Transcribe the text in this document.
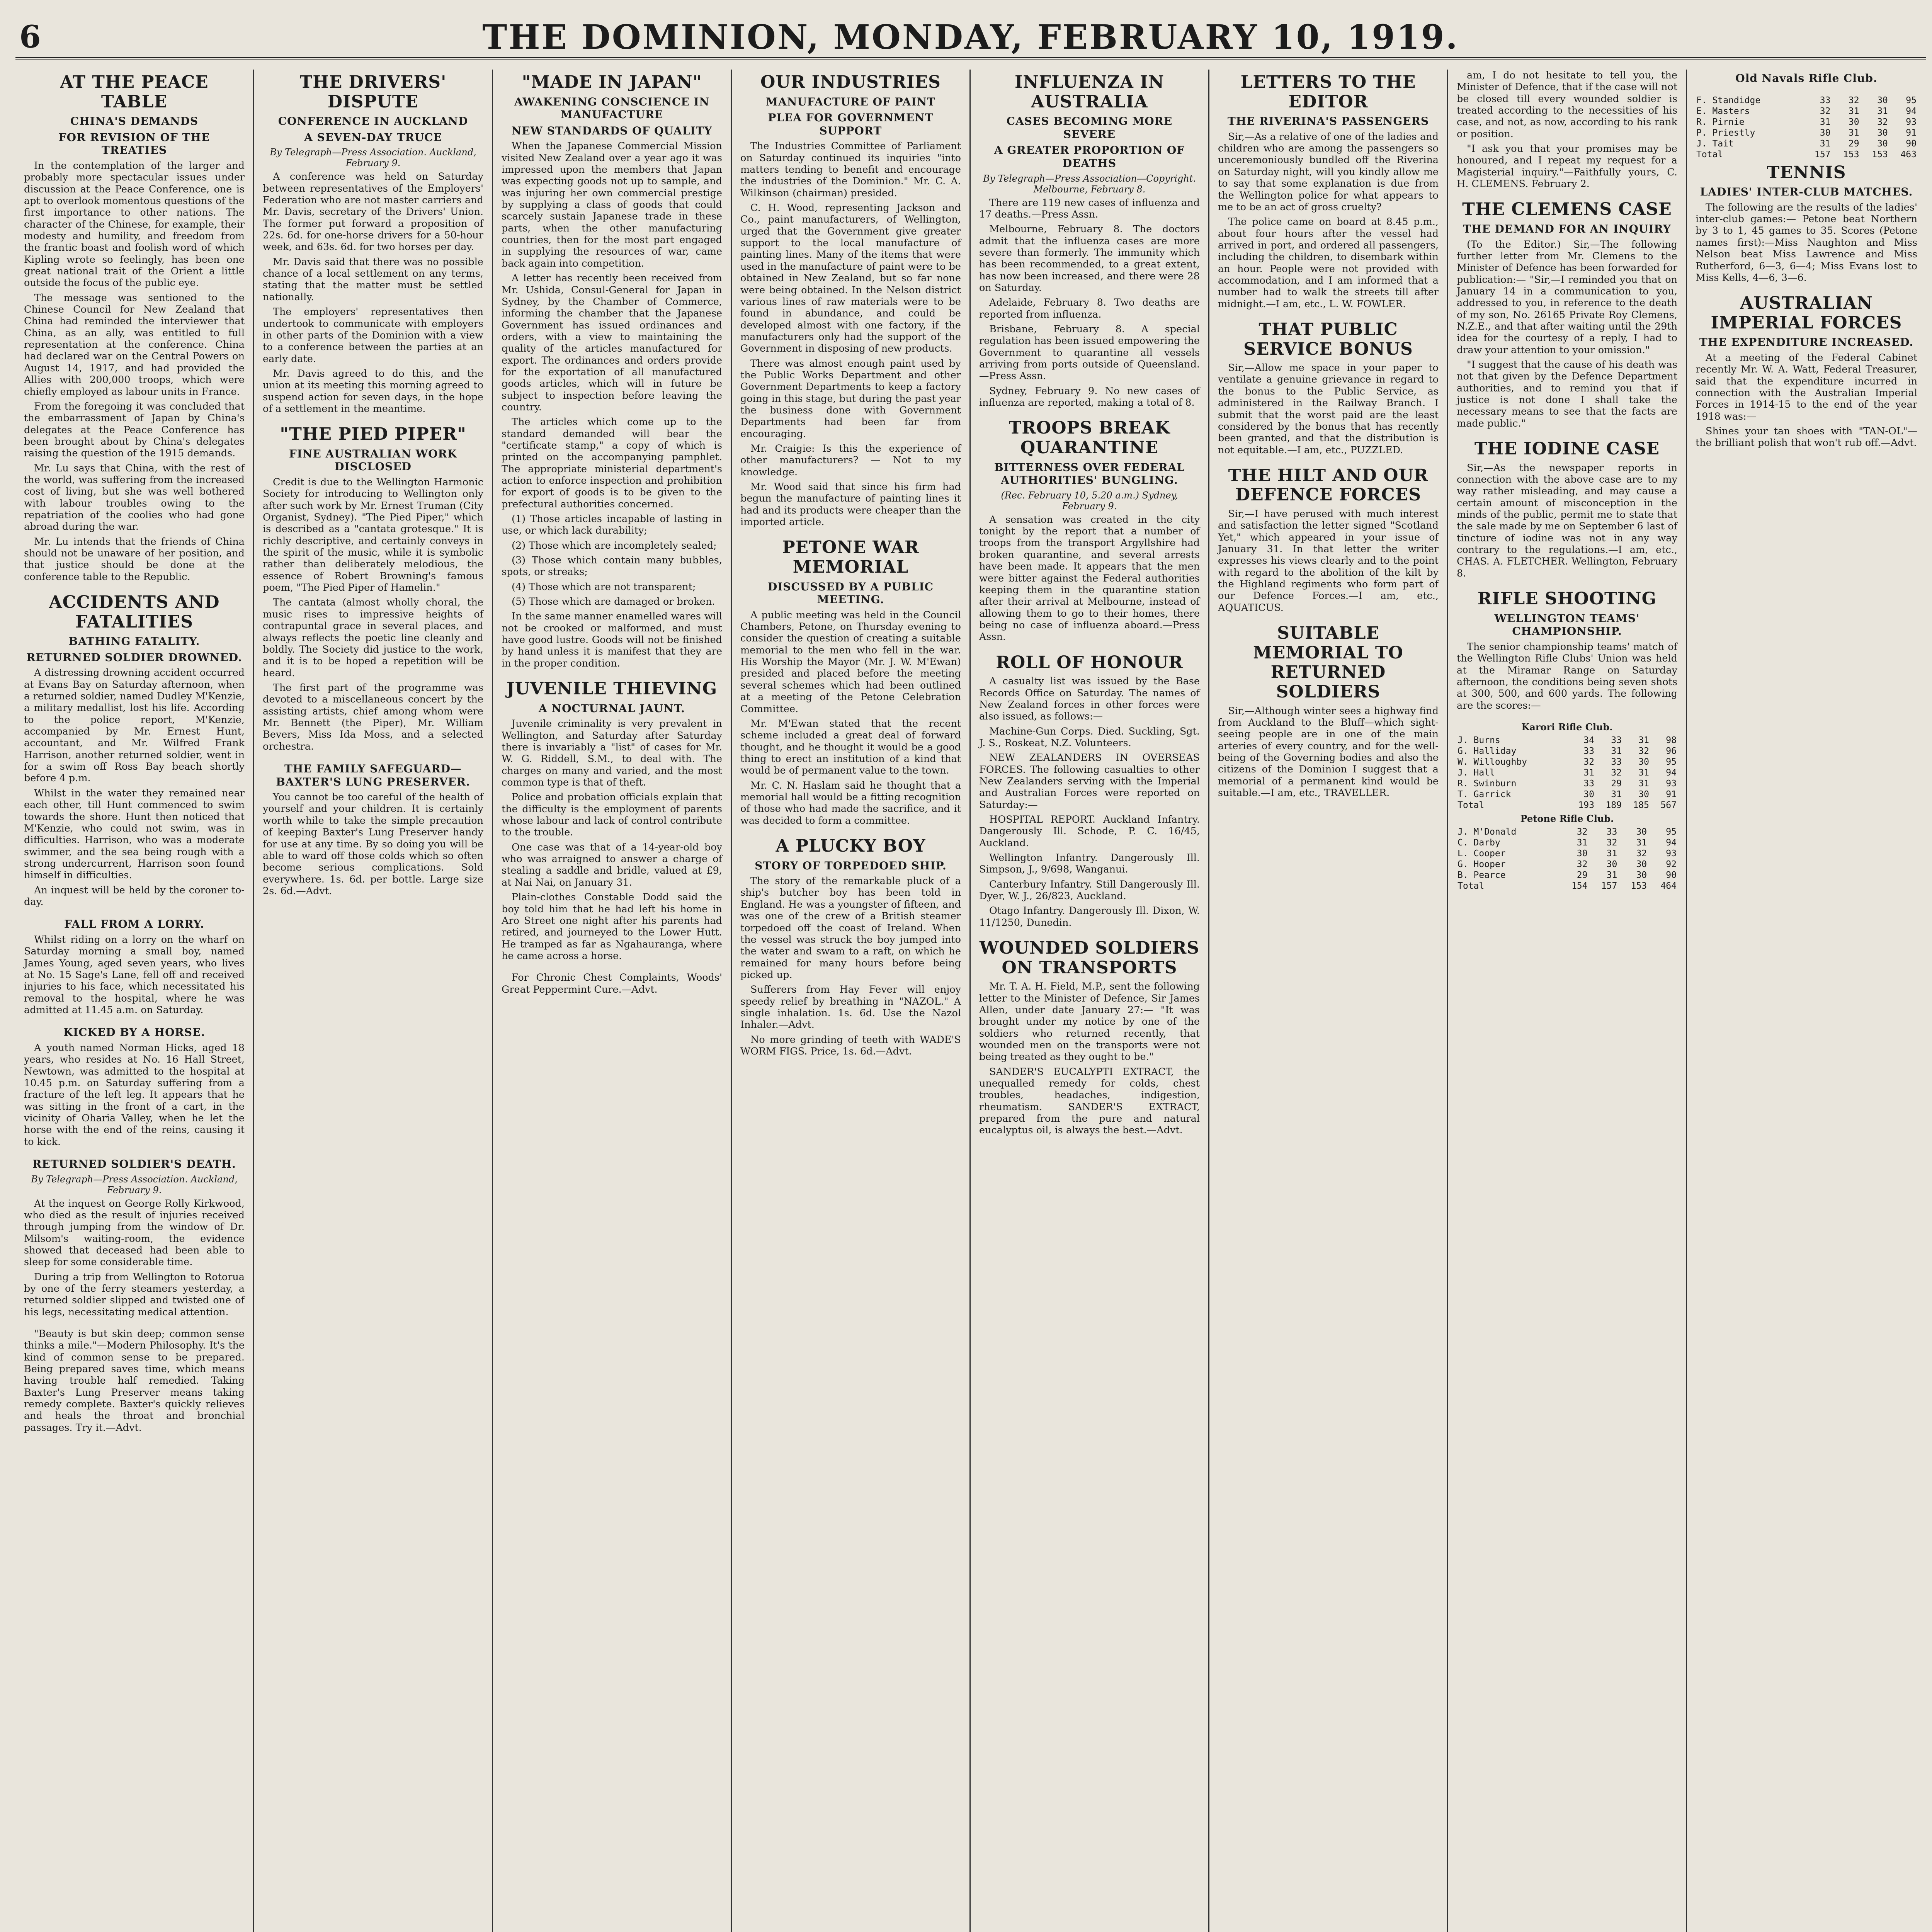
6	THE DOMINION, MONDAY, FEBRUARY 10, 1919.
AT THE PEACE TABLE
CHINA'S DEMANDS
FOR REVISION OF THE TREATIES

In the contemplation of the larger and probably more spectacular issues under discussion at the Peace Conference, one is apt to overlook momentous questions of the first importance to other nations. The character of the Chinese, for example, their modesty and humility, and freedom from the frantic boast and foolish word of which Kipling wrote so feelingly, has been one great national trait of the Orient a little outside the focus of the public eye.

The message was sentioned to the Chinese Council for New Zealand that China had reminded the interviewer that China, as an ally, was entitled to full representation at the conference. China had declared war on the Central Powers on August 14, 1917, and had provided the Allies with 200,000 troops, which were chiefly employed as labour units in France.

From the foregoing it was concluded that the embarrassment of Japan by China's delegates at the Peace Conference has been brought about by China's delegates raising the question of the 1915 demands.

Mr. Lu says that China, with the rest of the world, was suffering from the increased cost of living, but she was well bothered with labour troubles owing to the repatriation of the coolies who had gone abroad during the war.

Mr. Lu intends that the friends of China should not be unaware of her position, and that justice should be done at the conference table to the Republic.

ACCIDENTS AND FATALITIES
BATHING FATALITY.
RETURNED SOLDIER DROWNED.

A distressing drowning accident occurred at Evans Bay on Saturday afternoon, when a returned soldier, named Dudley M'Kenzie, a military medallist, lost his life. According to the police report, M'Kenzie, accompanied by Mr. Ernest Hunt, accountant, and Mr. Wilfred Frank Harrison, another returned soldier, went in for a swim off Ross Bay beach shortly before 4 p.m.

Whilst in the water they remained near each other, till Hunt commenced to swim towards the shore. Hunt then noticed that M'Kenzie, who could not swim, was in difficulties. Harrison, who was a moderate swimmer, and the sea being rough with a strong undercurrent, Harrison soon found himself in difficulties.

An inquest will be held by the coroner to-day.

FALL FROM A LORRY.

Whilst riding on a lorry on the wharf on Saturday morning a small boy, named James Young, aged seven years, who lives at No. 15 Sage's Lane, fell off and received injuries to his face, which necessitated his removal to the hospital, where he was admitted at 11.45 a.m. on Saturday.

KICKED BY A HORSE.

A youth named Norman Hicks, aged 18 years, who resides at No. 16 Hall Street, Newtown, was admitted to the hospital at 10.45 p.m. on Saturday suffering from a fracture of the left leg. It appears that he was sitting in the front of a cart, in the vicinity of Oharia Valley, when he let the horse with the end of the reins, causing it to kick.

RETURNED SOLDIER'S DEATH.
By Telegraph—Press Association. Auckland, February 9.

At the inquest on George Rolly Kirkwood, who died as the result of injuries received through jumping from the window of Dr. Milsom's waiting-room, the evidence showed that deceased had been able to sleep for some considerable time.

During a trip from Wellington to Rotorua by one of the ferry steamers yesterday, a returned soldier slipped and twisted one of his legs, necessitating medical attention.

"Beauty is but skin deep; common sense thinks a mile."—Modern Philosophy. It's the kind of common sense to be prepared. Being prepared saves time, which means having trouble half remedied. Taking Baxter's Lung Preserver means taking remedy complete. Baxter's quickly relieves and heals the throat and bronchial passages. Try it.—Advt.

THE DRIVERS' DISPUTE
CONFERENCE IN AUCKLAND
A SEVEN-DAY TRUCE
By Telegraph—Press Association. Auckland, February 9.

A conference was held on Saturday between representatives of the Employers' Federation who are not master carriers and Mr. Davis, secretary of the Drivers' Union. The former put forward a proposition of 22s. 6d. for one-horse drivers for a 50-hour week, and 63s. 6d. for two horses per day.

Mr. Davis said that there was no possible chance of a local settlement on any terms, stating that the matter must be settled nationally.

The employers' representatives then undertook to communicate with employers in other parts of the Dominion with a view to a conference between the parties at an early date.

Mr. Davis agreed to do this, and the union at its meeting this morning agreed to suspend action for seven days, in the hope of a settlement in the meantime.

"THE PIED PIPER"
FINE AUSTRALIAN WORK DISCLOSED

Credit is due to the Wellington Harmonic Society for introducing to Wellington only after such work by Mr. Ernest Truman (City Organist, Sydney). "The Pied Piper," which is described as a "cantata grotesque." It is richly descriptive, and certainly conveys in the spirit of the music, while it is symbolic rather than deliberately melodious, the essence of Robert Browning's famous poem, "The Pied Piper of Hamelin."

The cantata (almost wholly choral, the music rises to impressive heights of contrapuntal grace in several places, and always reflects the poetic line cleanly and boldly. The Society did justice to the work, and it is to be hoped a repetition will be heard.

The first part of the programme was devoted to a miscellaneous concert by the assisting artists, chief among whom were Mr. Bennett (the Piper), Mr. William Bevers, Miss Ida Moss, and a selected orchestra.

THE FAMILY SAFEGUARD—BAXTER'S LUNG PRESERVER.

You cannot be too careful of the health of yourself and your children. It is certainly worth while to take the simple precaution of keeping Baxter's Lung Preserver handy for use at any time. By so doing you will be able to ward off those colds which so often become serious complications. Sold everywhere. 1s. 6d. per bottle. Large size 2s. 6d.—Advt.

"MADE IN JAPAN"
AWAKENING CONSCIENCE IN MANUFACTURE
NEW STANDARDS OF QUALITY

When the Japanese Commercial Mission visited New Zealand over a year ago it was impressed upon the members that Japan was expecting goods not up to sample, and was injuring her own commercial prestige by supplying a class of goods that could scarcely sustain Japanese trade in these parts, when the other manufacturing countries, then for the most part engaged in supplying the resources of war, came back again into competition.

A letter has recently been received from Mr. Ushida, Consul-General for Japan in Sydney, by the Chamber of Commerce, informing the chamber that the Japanese Government has issued ordinances and orders, with a view to maintaining the quality of the articles manufactured for export. The ordinances and orders provide for the exportation of all manufactured goods articles, which will in future be subject to inspection before leaving the country.

The articles which come up to the standard demanded will bear the "certificate stamp," a copy of which is printed on the accompanying pamphlet. The appropriate ministerial department's action to enforce inspection and prohibition for export of goods is to be given to the prefectural authorities concerned.

(1) Those articles incapable of lasting in use, or which lack durability;

(2) Those which are incompletely sealed;

(3) Those which contain many bubbles, spots, or streaks;

(4) Those which are not transparent;

(5) Those which are damaged or broken.

In the same manner enamelled wares will not be crooked or malformed, and must have good lustre. Goods will not be finished by hand unless it is manifest that they are in the proper condition.

JUVENILE THIEVING
A NOCTURNAL JAUNT.

Juvenile criminality is very prevalent in Wellington, and Saturday after Saturday there is invariably a "list" of cases for Mr. W. G. Riddell, S.M., to deal with. The charges on many and varied, and the most common type is that of theft.

Police and probation officials explain that the difficulty is the employment of parents whose labour and lack of control contribute to the trouble.

One case was that of a 14-year-old boy who was arraigned to answer a charge of stealing a saddle and bridle, valued at £9, at Nai Nai, on January 31.

Plain-clothes Constable Dodd said the boy told him that he had left his home in Aro Street one night after his parents had retired, and journeyed to the Lower Hutt. He tramped as far as Ngahauranga, where he came across a horse.

For Chronic Chest Complaints, Woods' Great Peppermint Cure.—Advt.

OUR INDUSTRIES
MANUFACTURE OF PAINT
PLEA FOR GOVERNMENT SUPPORT

The Industries Committee of Parliament on Saturday continued its inquiries "into matters tending to benefit and encourage the industries of the Dominion." Mr. C. A. Wilkinson (chairman) presided.

C. H. Wood, representing Jackson and Co., paint manufacturers, of Wellington, urged that the Government give greater support to the local manufacture of painting lines. Many of the items that were used in the manufacture of paint were to be obtained in New Zealand, but so far none were being obtained. In the Nelson district various lines of raw materials were to be found in abundance, and could be developed almost with one factory, if the manufacturers only had the support of the Government in disposing of new products.

There was almost enough paint used by the Public Works Department and other Government Departments to keep a factory going in this stage, but during the past year the business done with Government Departments had been far from encouraging.

Mr. Craigie: Is this the experience of other manufacturers? — Not to my knowledge.

Mr. Wood said that since his firm had begun the manufacture of painting lines it had and its products were cheaper than the imported article.

PETONE WAR MEMORIAL
DISCUSSED BY A PUBLIC MEETING.

A public meeting was held in the Council Chambers, Petone, on Thursday evening to consider the question of creating a suitable memorial to the men who fell in the war. His Worship the Mayor (Mr. J. W. M'Ewan) presided and placed before the meeting several schemes which had been outlined at a meeting of the Petone Celebration Committee.

Mr. M'Ewan stated that the recent scheme included a great deal of forward thought, and he thought it would be a good thing to erect an institution of a kind that would be of permanent value to the town.

Mr. C. N. Haslam said he thought that a memorial hall would be a fitting recognition of those who had made the sacrifice, and it was decided to form a committee.

A PLUCKY BOY
STORY OF TORPEDOED SHIP.

The story of the remarkable pluck of a ship's butcher boy has been told in England. He was a youngster of fifteen, and was one of the crew of a British steamer torpedoed off the coast of Ireland. When the vessel was struck the boy jumped into the water and swam to a raft, on which he remained for many hours before being picked up.

Sufferers from Hay Fever will enjoy speedy relief by breathing in "NAZOL." A single inhalation. 1s. 6d. Use the Nazol Inhaler.—Advt.

No more grinding of teeth with WADE'S WORM FIGS. Price, 1s. 6d.—Advt.

INFLUENZA IN AUSTRALIA
CASES BECOMING MORE SEVERE
A GREATER PROPORTION OF DEATHS
By Telegraph—Press Association—Copyright. Melbourne, February 8.

There are 119 new cases of influenza and 17 deaths.—Press Assn.

Melbourne, February 8. The doctors admit that the influenza cases are more severe than formerly. The immunity which has been recommended, to a great extent, has now been increased, and there were 28 on Saturday.

Adelaide, February 8. Two deaths are reported from influenza.

Brisbane, February 8. A special regulation has been issued empowering the Government to quarantine all vessels arriving from ports outside of Queensland.—Press Assn.

Sydney, February 9. No new cases of influenza are reported, making a total of 8.

TROOPS BREAK QUARANTINE
BITTERNESS OVER FEDERAL AUTHORITIES' BUNGLING.
(Rec. February 10, 5.20 a.m.) Sydney, February 9.

A sensation was created in the city tonight by the report that a number of troops from the transport Argyllshire had broken quarantine, and several arrests have been made. It appears that the men were bitter against the Federal authorities keeping them in the quarantine station after their arrival at Melbourne, instead of allowing them to go to their homes, there being no case of influenza aboard.—Press Assn.

ROLL OF HONOUR

A casualty list was issued by the Base Records Office on Saturday. The names of New Zealand forces in other forces were also issued, as follows:—

Machine-Gun Corps. Died. Suckling, Sgt. J. S., Roskeat, N.Z. Volunteers.

NEW ZEALANDERS IN OVERSEAS FORCES. The following casualties to other New Zealanders serving with the Imperial and Australian Forces were reported on Saturday:—

HOSPITAL REPORT. Auckland Infantry. Dangerously Ill. Schode, P. C. 16/45, Auckland.

Wellington Infantry. Dangerously Ill. Simpson, J., 9/698, Wanganui.

Canterbury Infantry. Still Dangerously Ill. Dyer, W. J., 26/823, Auckland.

Otago Infantry. Dangerously Ill. Dixon, W. 11/1250, Dunedin.

WOUNDED SOLDIERS ON TRANSPORTS

Mr. T. A. H. Field, M.P., sent the following letter to the Minister of Defence, Sir James Allen, under date January 27:— "It was brought under my notice by one of the soldiers who returned recently, that wounded men on the transports were not being treated as they ought to be."

SANDER'S EUCALYPTI EXTRACT, the unequalled remedy for colds, chest troubles, headaches, indigestion, rheumatism. SANDER'S EXTRACT, prepared from the pure and natural eucalyptus oil, is always the best.—Advt.

LETTERS TO THE EDITOR
THE RIVERINA'S PASSENGERS

Sir,—As a relative of one of the ladies and children who are among the passengers so unceremoniously bundled off the Riverina on Saturday night, will you kindly allow me to say that some explanation is due from the Wellington police for what appears to me to be an act of gross cruelty?

The police came on board at 8.45 p.m., about four hours after the vessel had arrived in port, and ordered all passengers, including the children, to disembark within an hour. People were not provided with accommodation, and I am informed that a number had to walk the streets till after midnight.—I am, etc., L. W. FOWLER.

THAT PUBLIC SERVICE BONUS

Sir,—Allow me space in your paper to ventilate a genuine grievance in regard to the bonus to the Public Service, as administered in the Railway Branch. I submit that the worst paid are the least considered by the bonus that has recently been granted, and that the distribution is not equitable.—I am, etc., PUZZLED.

THE HILT AND OUR DEFENCE FORCES

Sir,—I have perused with much interest and satisfaction the letter signed "Scotland Yet," which appeared in your issue of January 31. In that letter the writer expresses his views clearly and to the point with regard to the abolition of the kilt by the Highland regiments who form part of our Defence Forces.—I am, etc., AQUATICUS.

SUITABLE MEMORIAL TO RETURNED SOLDIERS

Sir,—Although winter sees a highway find from Auckland to the Bluff—which sight-seeing people are in one of the main arteries of every country, and for the well-being of the Governing bodies and also the citizens of the Dominion I suggest that a memorial of a permanent kind would be suitable.—I am, etc., TRAVELLER.

am, I do not hesitate to tell you, the Minister of Defence, that if the case will not be closed till every wounded soldier is treated according to the necessities of his case, and not, as now, according to his rank or position.

"I ask you that your promises may be honoured, and I repeat my request for a Magisterial inquiry."—Faithfully yours, C. H. CLEMENS. February 2.

THE CLEMENS CASE
THE DEMAND FOR AN INQUIRY

(To the Editor.) Sir,—The following further letter from Mr. Clemens to the Minister of Defence has been forwarded for publication:— "Sir,—I reminded you that on January 14 in a communication to you, addressed to you, in reference to the death of my son, No. 26165 Private Roy Clemens, N.Z.E., and that after waiting until the 29th idea for the courtesy of a reply, I had to draw your attention to your omission."

"I suggest that the cause of his death was not that given by the Defence Department authorities, and to remind you that if justice is not done I shall take the necessary means to see that the facts are made public."

THE IODINE CASE

Sir,—As the newspaper reports in connection with the above case are to my way rather misleading, and may cause a certain amount of misconception in the minds of the public, permit me to state that the sale made by me on September 6 last of tincture of iodine was not in any way contrary to the regulations.—I am, etc., CHAS. A. FLETCHER. Wellington, February 8.

RIFLE SHOOTING
WELLINGTON TEAMS' CHAMPIONSHIP.

The senior championship teams' match of the Wellington Rifle Clubs' Union was held at the Miramar Range on Saturday afternoon, the conditions being seven shots at 300, 500, and 600 yards. The following are the scores:—

Karori Rifle Club.
J. Burns	34	33	31	98
G. Halliday	33	31	32	96
W. Willoughby	32	33	30	95
J. Hall	31	32	31	94
R. Swinburn	33	29	31	93
T. Garrick	30	31	30	91
Total	193	189	185	567
Petone Rifle Club.
J. M'Donald	32	33	30	95
C. Darby	31	32	31	94
L. Cooper	30	31	32	93
G. Hooper	32	30	30	92
B. Pearce	29	31	30	90
Total	154	157	153	464
Old Navals Rifle Club.
F. Standidge	33	32	30	95
E. Masters	32	31	31	94
R. Pirnie	31	30	32	93
P. Priestly	30	31	30	91
J. Tait	31	29	30	90
Total	157	153	153	463
TENNIS
LADIES' INTER-CLUB MATCHES.

The following are the results of the ladies' inter-club games:— Petone beat Northern by 3 to 1, 45 games to 35. Scores (Petone names first):—Miss Naughton and Miss Nelson beat Miss Lawrence and Miss Rutherford, 6—3, 6—4; Miss Evans lost to Miss Kells, 4—6, 3—6.

AUSTRALIAN IMPERIAL FORCES
THE EXPENDITURE INCREASED.

At a meeting of the Federal Cabinet recently Mr. W. A. Watt, Federal Treasurer, said that the expenditure incurred in connection with the Australian Imperial Forces in 1914-15 to the end of the year 1918 was:—

Shines your tan shoes with "TAN-OL"—the brilliant polish that won't rub off.—Advt.
